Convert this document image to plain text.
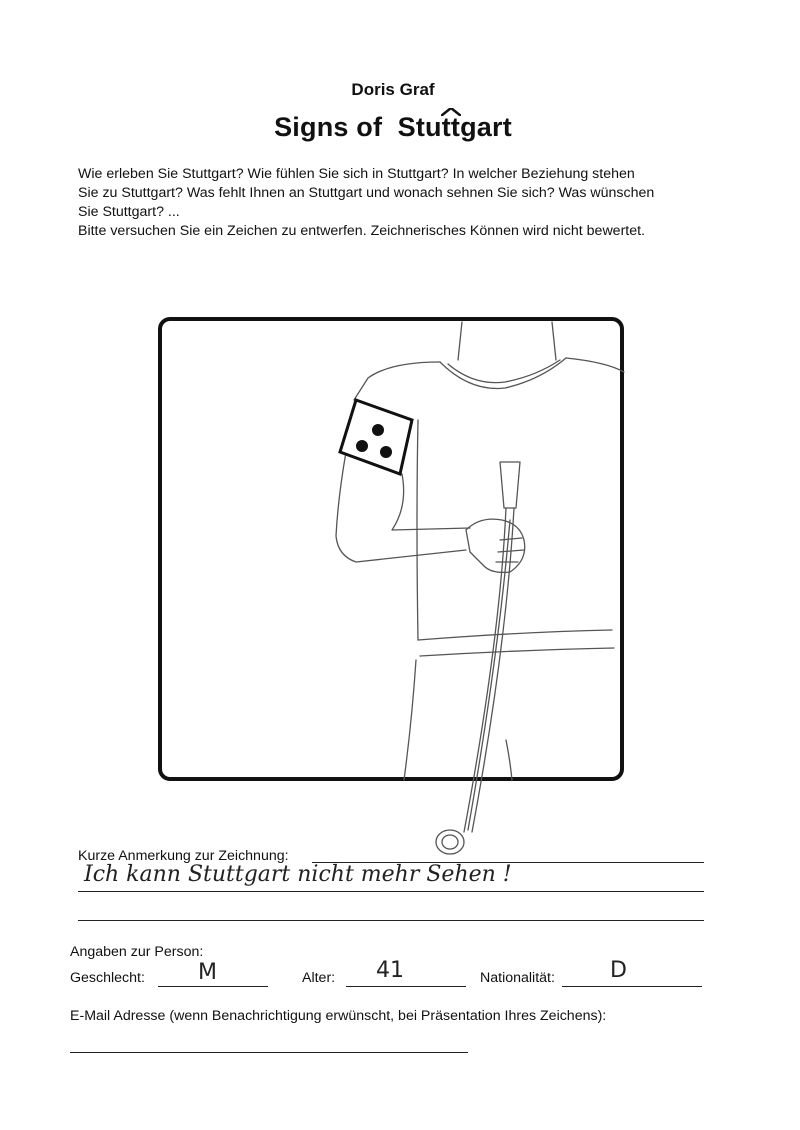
Doris Graf
Signs of Stu
ttgart
Wie erleben Sie Stuttgart? Wie fühlen Sie sich in Stuttgart? In welcher Beziehung stehen
Sie zu Stuttgart? Was fehlt Ihnen an Stuttgart und wonach sehnen Sie sich? Was wünschen
Sie Stuttgart? ...
Bitte versuchen Sie ein Zeichen zu entwerfen. Zeichnerisches Können wird nicht bewertet.
Kurze Anmerkung zur Zeichnung:
Ich kann Stuttgart nicht mehr Sehen !
Angaben zur Person:
Geschlecht: M	Alter: 41	Nationalität:	D
E-Mail Adresse (wenn Benachrichtigung erwünscht, bei Präsentation Ihres Zeichens):
